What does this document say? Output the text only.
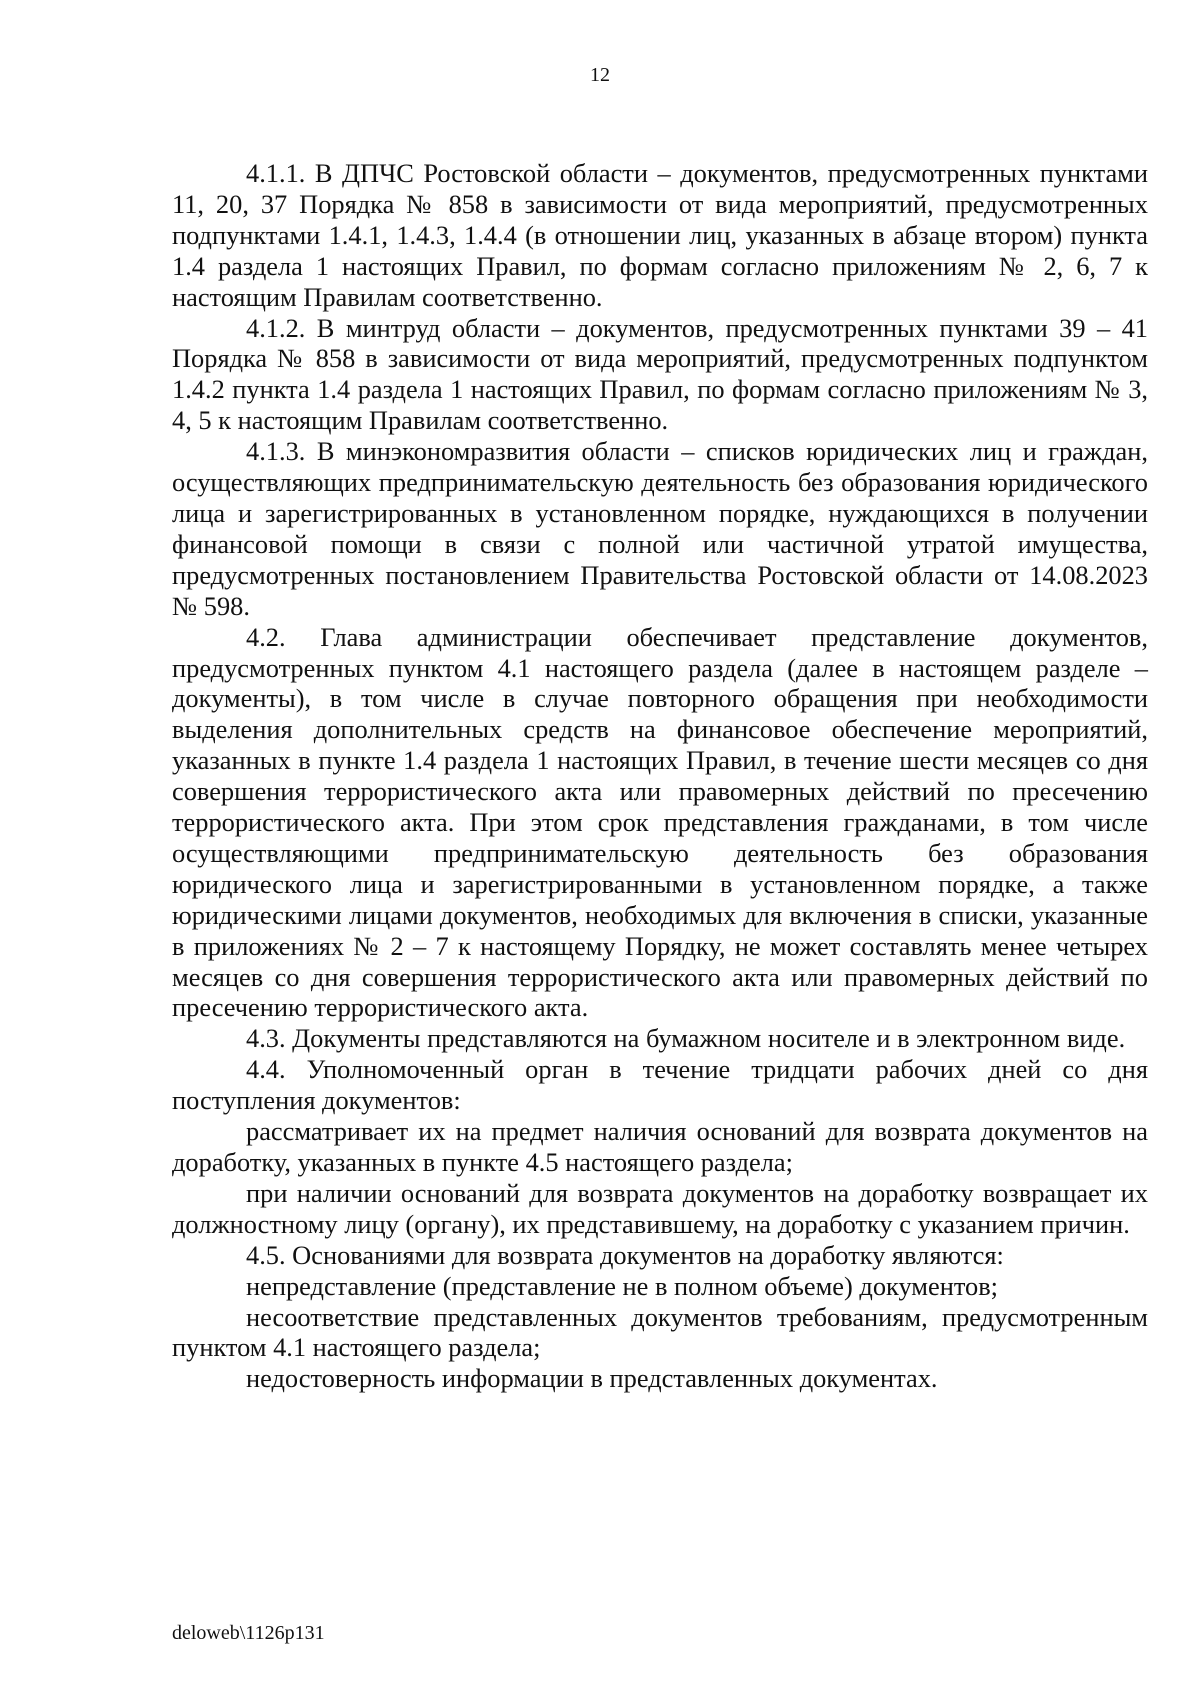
12

4.1.1. В ДПЧС Ростовской области – документов, предусмотренных пунктами 11, 20, 37 Порядка № 858 в зависимости от вида мероприятий, предусмотренных подпунктами 1.4.1, 1.4.3, 1.4.4 (в отношении лиц, указанных в абзаце втором) пункта 1.4 раздела 1 настоящих Правил, по формам согласно приложениям № 2, 6, 7 к настоящим Правилам соответственно.

4.1.2. В минтруд области – документов, предусмотренных пунктами 39 – 41 Порядка № 858 в зависимости от вида мероприятий, предусмотренных подпунктом 1.4.2 пункта 1.4 раздела 1 настоящих Правил, по формам согласно приложениям № 3, 4, 5 к настоящим Правилам соответственно.

4.1.3. В минэкономразвития области – списков юридических лиц и граждан, осуществляющих предпринимательскую деятельность без образования юридического лица и зарегистрированных в установленном порядке, нуждающихся в получении финансовой помощи в связи с полной или частичной утратой имущества, предусмотренных постановлением Правительства Ростовской области от 14.08.2023 № 598.

4.2. Глава администрации обеспечивает представление документов, предусмотренных пунктом 4.1 настоящего раздела (далее в настоящем разделе – документы), в том числе в случае повторного обращения при необходимости выделения дополнительных средств на финансовое обеспечение мероприятий, указанных в пункте 1.4 раздела 1 настоящих Правил, в течение шести месяцев со дня совершения террористического акта или правомерных действий по пресечению террористического акта. При этом срок представления гражданами, в том числе осуществляющими предпринимательскую деятельность без образования юридического лица и зарегистрированными в установленном порядке, а также юридическими лицами документов, необходимых для включения в списки, указанные в приложениях № 2 – 7 к настоящему Порядку, не может составлять менее четырех месяцев со дня совершения террористического акта или правомерных действий по пресечению террористического акта.

4.3. Документы представляются на бумажном носителе и в электронном виде.

4.4. Уполномоченный орган в течение тридцати рабочих дней со дня поступления документов:

рассматривает их на предмет наличия оснований для возврата документов на доработку, указанных в пункте 4.5 настоящего раздела;

при наличии оснований для возврата документов на доработку возвращает их должностному лицу (органу), их представившему, на доработку с указанием причин.

4.5. Основаниями для возврата документов на доработку являются:

непредставление (представление не в полном объеме) документов;

несоответствие представленных документов требованиям, предусмотренным пунктом 4.1 настоящего раздела;

недостоверность информации в представленных документах.

deloweb\1126p131
